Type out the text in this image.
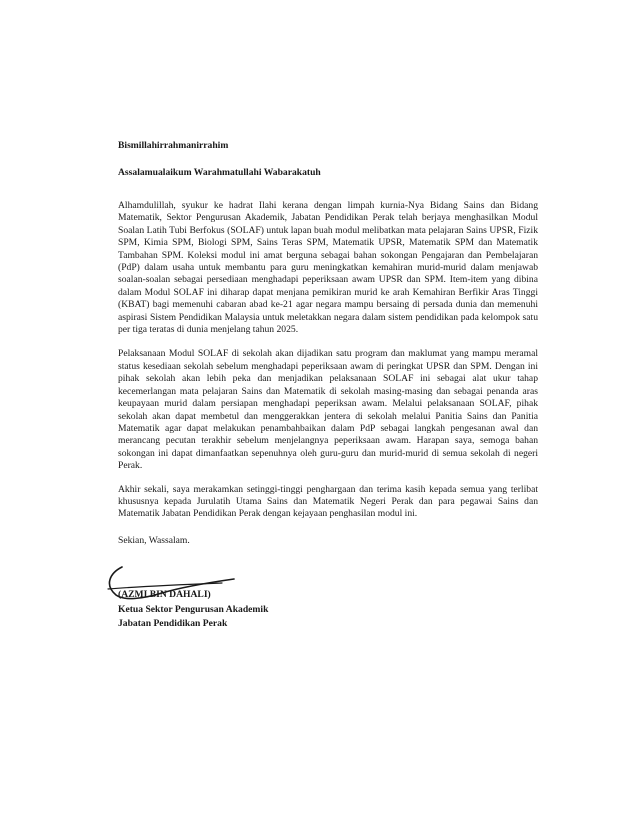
Bismillahirrahmanirrahim

Assalamualaikum Warahmatullahi Wabarakatuh

Alhamdulillah, syukur ke hadrat Ilahi kerana dengan limpah kurnia-Nya Bidang Sains dan Bidang Matematik, Sektor Pengurusan Akademik, Jabatan Pendidikan Perak telah berjaya menghasilkan Modul Soalan Latih Tubi Berfokus (SOLAF) untuk lapan buah modul melibatkan mata pelajaran Sains UPSR, Fizik SPM, Kimia SPM, Biologi SPM, Sains Teras SPM, Matematik UPSR, Matematik SPM dan Matematik Tambahan SPM. Koleksi modul ini amat berguna sebagai bahan sokongan Pengajaran dan Pembelajaran (PdP) dalam usaha untuk membantu para guru meningkatkan kemahiran murid-murid dalam menjawab soalan-soalan sebagai persediaan menghadapi peperiksaan awam UPSR dan SPM. Item-item yang dibina dalam Modul SOLAF ini diharap dapat menjana pemikiran murid ke arah Kemahiran Berfikir Aras Tinggi (KBAT) bagi memenuhi cabaran abad ke-21 agar negara mampu bersaing di persada dunia dan memenuhi aspirasi Sistem Pendidikan Malaysia untuk meletakkan negara dalam sistem pendidikan pada kelompok satu per tiga teratas di dunia menjelang tahun 2025.

Pelaksanaan Modul SOLAF di sekolah akan dijadikan satu program dan maklumat yang mampu meramal status kesediaan sekolah sebelum menghadapi peperiksaan awam di peringkat UPSR dan SPM. Dengan ini pihak sekolah akan lebih peka dan menjadikan pelaksanaan SOLAF ini sebagai alat ukur tahap kecemerlangan mata pelajaran Sains dan Matematik di sekolah masing-masing dan sebagai penanda aras keupayaan murid dalam persiapan menghadapi peperiksan awam. Melalui pelaksanaan SOLAF, pihak sekolah akan dapat membetul dan menggerakkan jentera di sekolah melalui Panitia Sains dan Panitia Matematik agar dapat melakukan penambahbaikan dalam PdP sebagai langkah pengesanan awal dan merancang pecutan terakhir sebelum menjelangnya peperiksaan awam. Harapan saya, semoga bahan sokongan ini dapat dimanfaatkan sepenuhnya oleh guru-guru dan murid-murid di semua sekolah di negeri Perak.

Akhir sekali, saya merakamkan setinggi-tinggi penghargaan dan terima kasih kepada semua yang terlibat khususnya kepada Jurulatih Utama Sains dan Matematik Negeri Perak dan para pegawai Sains dan Matematik Jabatan Pendidikan Perak dengan kejayaan penghasilan modul ini.

Sekian, Wassalam.

(AZMI BIN DAHALI)
Ketua Sektor Pengurusan Akademik
Jabatan Pendidikan Perak
